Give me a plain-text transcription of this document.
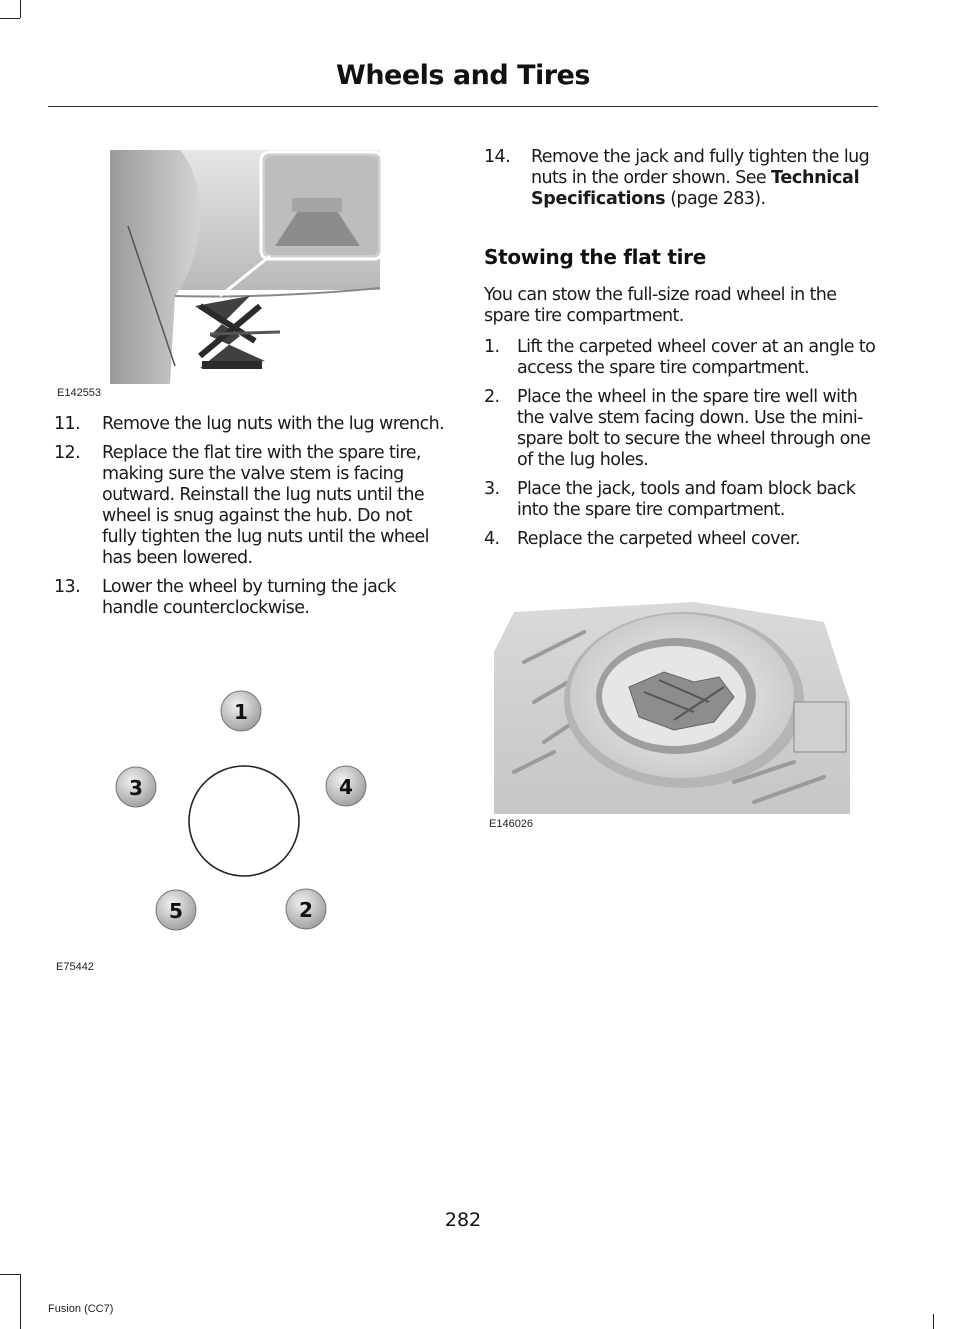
Wheels and Tires
E142553
11. Remove the lug nuts with the lug wrench.
12. Replace the flat tire with the spare tire, making sure the valve stem is facing outward. Reinstall the lug nuts until the wheel is snug against the hub. Do not fully tighten the lug nuts until the wheel has been lowered.
13. Lower the wheel by turning the jack handle counterclockwise.
1
3	4
5	2
E75442
14. Remove the jack and fully tighten the lug nuts in the order shown. See Technical Specifications (page 283).
Stowing the flat tire

You can stow the full-size road wheel in the spare tire compartment.

1. Lift the carpeted wheel cover at an angle to access the spare tire compartment.
2. Place the wheel in the spare tire well with the valve stem facing down. Use the mini-spare bolt to secure the wheel through one of the lug holes.
3. Place the jack, tools and foam block back into the spare tire compartment.
4. Replace the carpeted wheel cover.
E146026
282
Fusion (CC7)
